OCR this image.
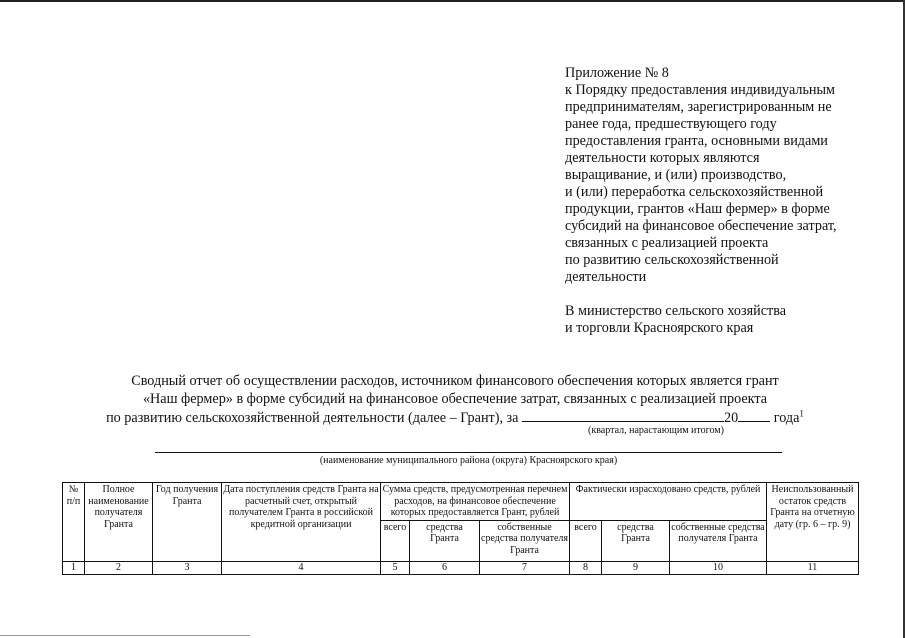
Приложение № 8
к Порядку предоставления индивидуальным
предпринимателям, зарегистрированным не
ранее года, предшествующего году
предоставления гранта, основными видами
деятельности которых являются
выращивание, и (или) производство,
и (или) переработка сельскохозяйственной
продукции, грантов «Наш фермер» в форме
субсидий на финансовое обеспечение затрат,
связанных с реализацией проекта
по развитию сельскохозяйственной
деятельности
В министерство сельского хозяйства
и торговли Красноярского края
Сводный отчет об осуществлении расходов, источником финансового обеспечения которых является грант
«Наш фермер» в форме субсидий на финансовое обеспечение затрат, связанных с реализацией проекта
по развитию сельскохозяйственной деятельности (далее – Грант), за	20	года$^1$
(квартал, нарастающим итогом)
(наименование муниципального района (округа) Красноярского края)
№ п/п	Полное наименование получателя Гранта	Год получения Гранта	Дата поступления средств Гранта на расчетный счет, открытый получателем Гранта в российской кредитной организации	Сумма средств, предусмотренная перечнем расходов, на финансовое обеспечение которых предоставляется Грант, рублей			Фактически израсходовано средств, рублей			Неиспользованный остаток средств Гранта на отчетную дату (гр. 6 – гр. 9)
				всего	средства Гранта	собственные средства получателя Гранта	всего	средства Гранта	собственные средства получателя Гранта	
1	2	3	4	5	6	7	8	9	10	11
